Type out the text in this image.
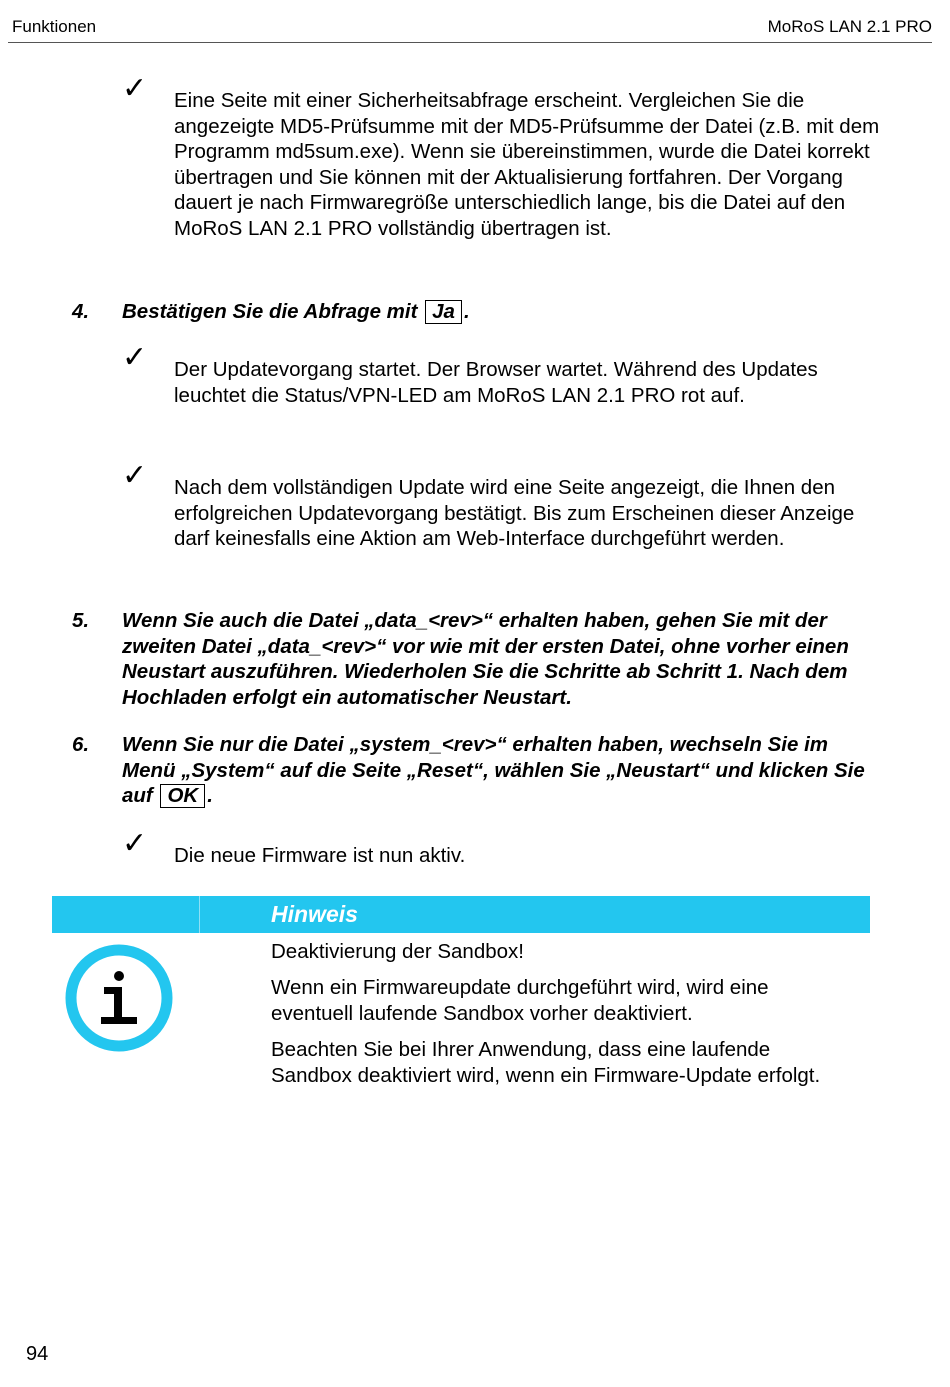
Funktionen	MoRoS LAN 2.1 PRO
✓ Eine Seite mit einer Sicherheitsabfrage erscheint. Vergleichen Sie die angezeigte MD5-Prüfsumme mit der MD5-Prüfsumme der Datei (z.B. mit dem Programm md5sum.exe). Wenn sie übereinstimmen, wurde die Datei korrekt übertragen und Sie können mit der Aktualisierung fortfahren. Der Vorgang dauert je nach Firmwaregröße unterschiedlich lange, bis die Datei auf den MoRoS LAN 2.1 PRO vollständig übertragen ist.
4. Bestätigen Sie die Abfrage mit Ja .
✓ Der Updatevorgang startet. Der Browser wartet. Während des Updates leuchtet die Status/VPN-LED am MoRoS LAN 2.1 PRO rot auf.
✓ Nach dem vollständigen Update wird eine Seite angezeigt, die Ihnen den erfolgreichen Updatevorgang bestätigt. Bis zum Erscheinen dieser Anzeige darf keinesfalls eine Aktion am Web-Interface durchgeführt werden.
5. Wenn Sie auch die Datei „data_<rev>“ erhalten haben, gehen Sie mit der zweiten Datei „data_<rev>“ vor wie mit der ersten Datei, ohne vorher einen Neustart auszuführen. Wiederholen Sie die Schritte ab Schritt 1. Nach dem Hochladen erfolgt ein automatischer Neustart.
6. Wenn Sie nur die Datei „system_<rev>“ erhalten haben, wechseln Sie im Menü „System“ auf die Seite „Reset“, wählen Sie „Neustart“ und klicken Sie auf OK .
✓ Die neue Firmware ist nun aktiv.
Hinweis
Deaktivierung der Sandbox!
Wenn ein Firmwareupdate durchgeführt wird, wird eine eventuell laufende Sandbox vorher deaktiviert.
Beachten Sie bei Ihrer Anwendung, dass eine laufende Sandbox deaktiviert wird, wenn ein Firmware-Update erfolgt.
94
